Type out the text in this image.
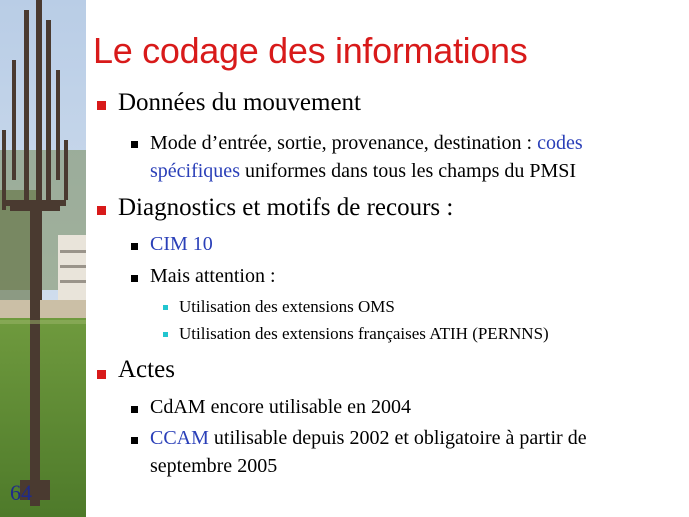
64
Le codage des informations
Données du mouvement
Mode d’entrée, sortie, provenance, destination : codes
spécifiques uniformes dans tous les champs du PMSI
Diagnostics et motifs de recours :
CIM 10
Mais attention :
Utilisation des extensions OMS
Utilisation des extensions françaises ATIH (PERNNS)
Actes
CdAM encore utilisable en 2004
CCAM utilisable depuis 2002 et obligatoire à partir de
septembre 2005
